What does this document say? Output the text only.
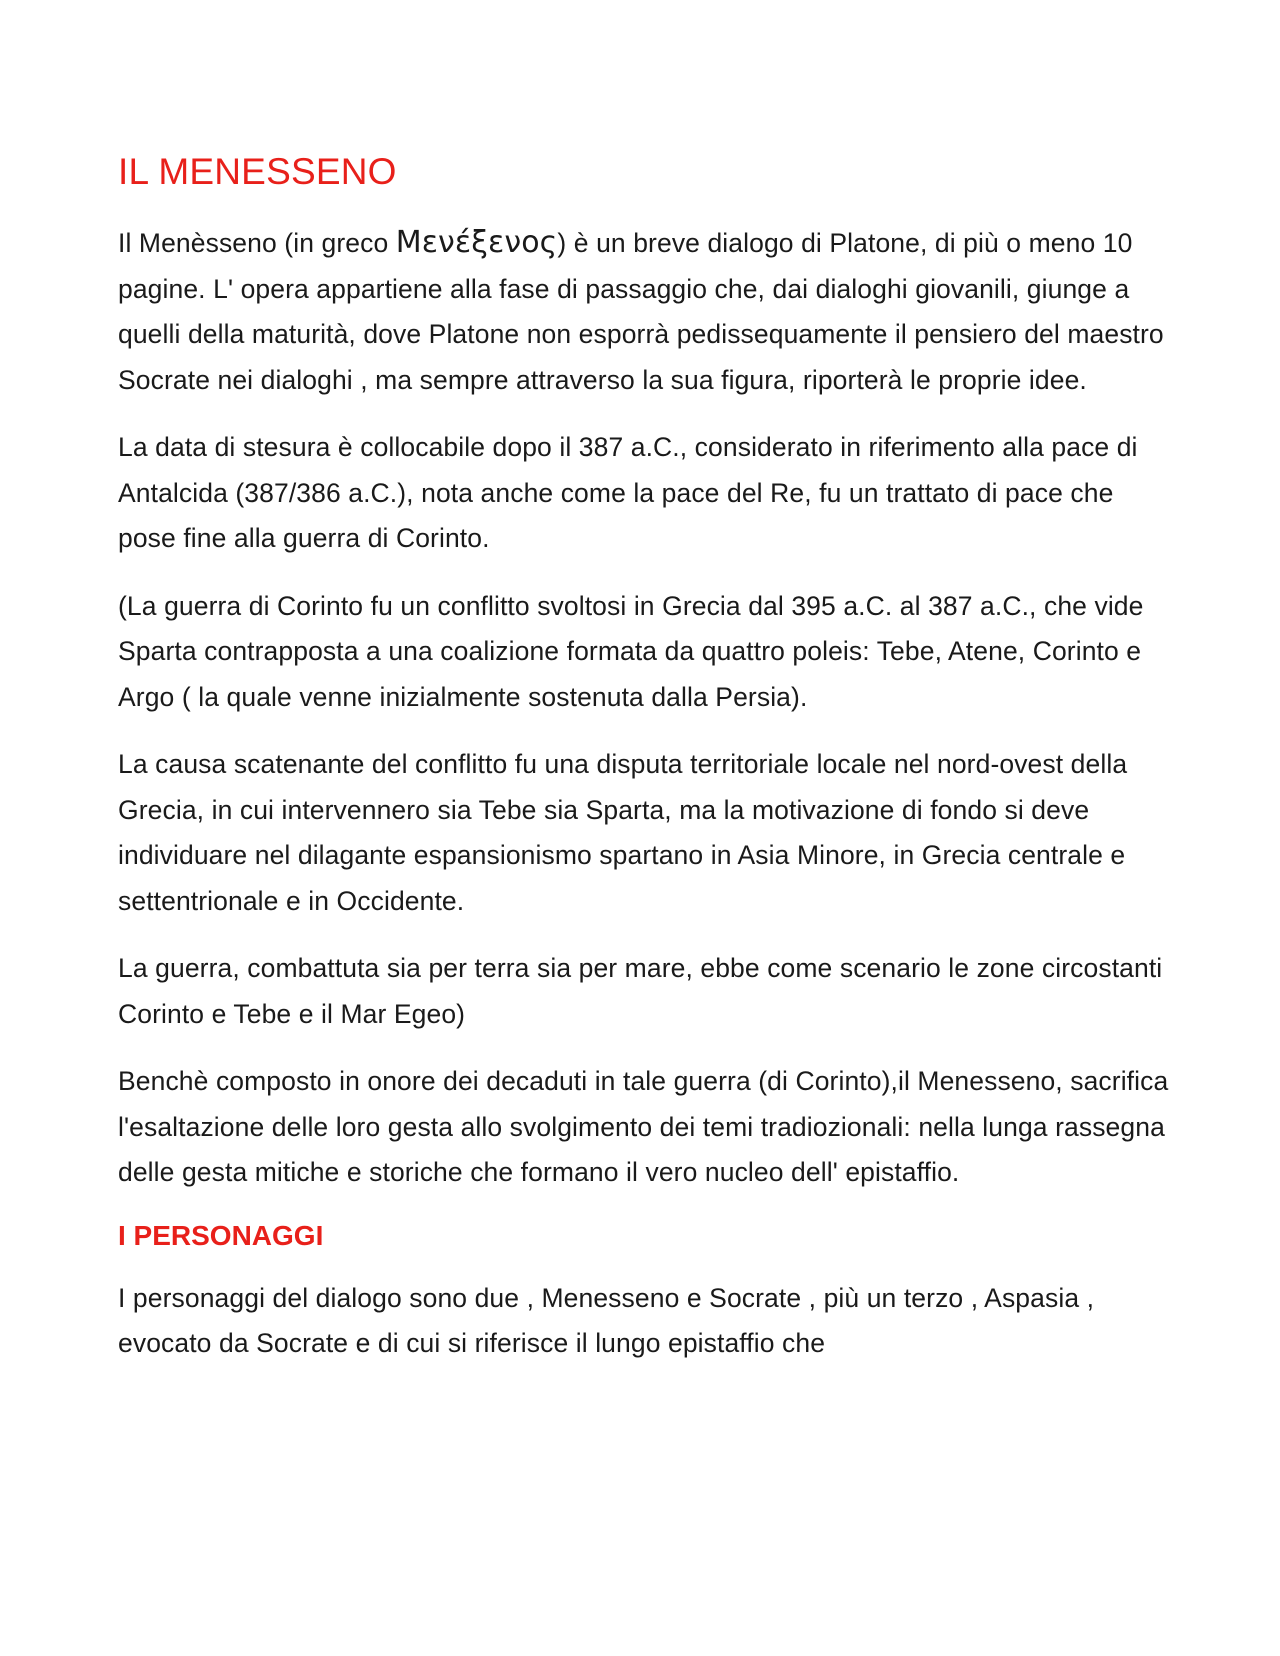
IL MENESSENO

Il Menèsseno (in greco Μενέξενος) è un breve dialogo di Platone, di più o meno 10 pagine. L' opera appartiene alla fase di passaggio che, dai dialoghi giovanili, giunge a quelli della maturità, dove Platone non esporrà pedissequamente il pensiero del maestro Socrate nei dialoghi , ma sempre attraverso la sua figura, riporterà le proprie idee.

La data di stesura è collocabile dopo il 387 a.C., considerato in riferimento alla pace di Antalcida (387/386 a.C.), nota anche come la pace del Re, fu un trattato di pace che pose fine alla guerra di Corinto.

(La guerra di Corinto fu un conflitto svoltosi in Grecia dal 395 a.C. al 387 a.C., che vide Sparta contrapposta a una coalizione formata da quattro poleis: Tebe, Atene, Corinto e Argo ( la quale venne inizialmente sostenuta dalla Persia).

La causa scatenante del conflitto fu una disputa territoriale locale nel nord-ovest della Grecia, in cui intervennero sia Tebe sia Sparta, ma la motivazione di fondo si deve individuare nel dilagante espansionismo spartano in Asia Minore, in Grecia centrale e settentrionale e in Occidente.

La guerra, combattuta sia per terra sia per mare, ebbe come scenario le zone circostanti Corinto e Tebe e il Mar Egeo)

Benchè composto in onore dei decaduti in tale guerra (di Corinto),il Menesseno, sacrifica l'esaltazione delle loro gesta allo svolgimento dei temi tradiozionali: nella lunga rassegna delle gesta mitiche e storiche che formano il vero nucleo dell' epistaffio.

I PERSONAGGI

I personaggi del dialogo sono due , Menesseno e Socrate , più un terzo , Aspasia , evocato da Socrate e di cui si riferisce il lungo epistaffio che
